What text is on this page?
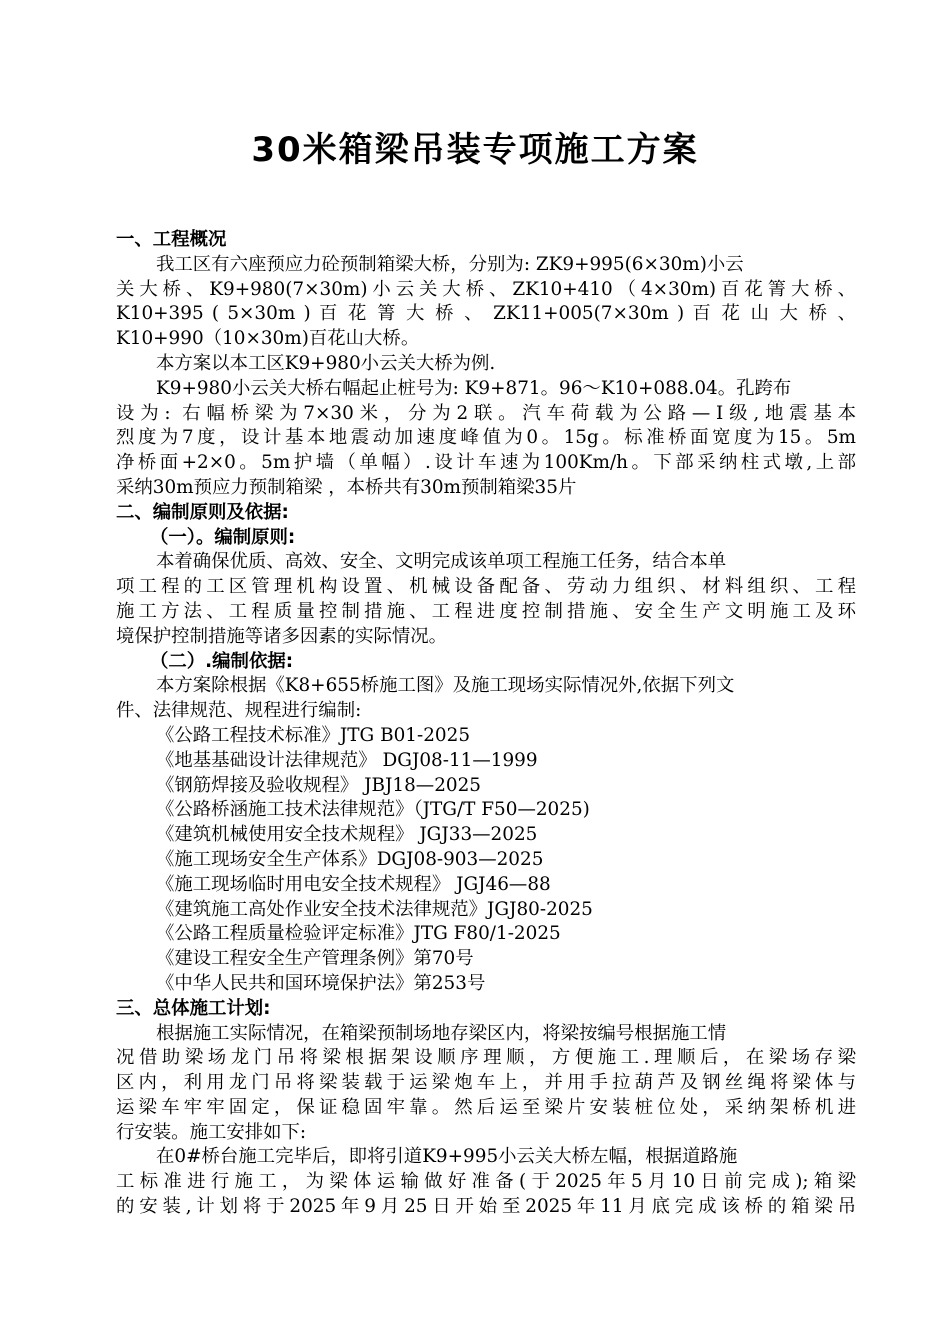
30米箱梁吊装专项施工方案
一、工程概况
我工区有六座预应力砼预制箱梁大桥，分别为: ZK9+995(6×30m)小云
关大桥、K9+980(7×30m)小云关大桥、ZK10+410（4×30m)百花箐大桥、
K10+395 ( 5×30m ) 百 花 箐 大 桥 、 ZK11+005(7×30m ) 百 花 山 大 桥 、
K10+990（10×30m)百花山大桥。
本方案以本工区K9+980小云关大桥为例.
K9+980小云关大桥右幅起止桩号为: K9+871。96～K10+088.04。孔跨布
设为: 右幅桥梁为7×30米，分为2联。汽车荷载为公路—Ⅰ级,地震基本
烈度为7度，设计基本地震动加速度峰值为0。15g。标准桥面宽度为15。5m
净桥面+2×0。5m护墙（单幅）.设计车速为100Km/h。下部采纳柱式墩,上部
采纳30m预应力预制箱梁 ，本桥共有30m预制箱梁35片
二、编制原则及依据:
（一）。编制原则:
本着确保优质、高效、安全、文明完成该单项工程施工任务，结合本单
项工程的工区管理机构设置、机械设备配备、劳动力组织、材料组织、工程
施工方法、工程质量控制措施、工程进度控制措施、安全生产文明施工及环
境保护控制措施等诸多因素的实际情况。
（二）.编制依据:
本方案除根据《K8+655桥施工图》及施工现场实际情况外,依据下列文
件、法律规范、规程进行编制:
《公路工程技术标准》JTG B01-2025
《地基基础设计法律规范》 DGJ08-11—1999
《钢筋焊接及验收规程》 JBJ18—2025
《公路桥涵施工技术法律规范》（JTG/T F50—2025)
《建筑机械使用安全技术规程》 JGJ33—2025
《施工现场安全生产体系》DGJ08-903—2025
《施工现场临时用电安全技术规程》 JGJ46—88
《建筑施工高处作业安全技术法律规范》JGJ80-2025
《公路工程质量检验评定标准》JTG F80/1-2025
《建设工程安全生产管理条例》第70号
《中华人民共和国环境保护法》第253号
三、总体施工计划:
根据施工实际情况，在箱梁预制场地存梁区内，将梁按编号根据施工情
况借助梁场龙门吊将梁根据架设顺序理顺，方便施工.理顺后，在梁场存梁
区内，利用龙门吊将梁装载于运梁炮车上，并用手拉葫芦及钢丝绳将梁体与
运梁车牢牢固定，保证稳固牢靠。然后运至梁片安装桩位处，采纳架桥机进
行安装。施工安排如下:
在0#桥台施工完毕后，即将引道K9+995小云关大桥左幅，根据道路施
工标准进行施工，为梁体运输做好准备(于2025年5月10日前完成);箱梁
的安装,计划将于2025年9月25日开始至2025年11月底完成该桥的箱梁吊
